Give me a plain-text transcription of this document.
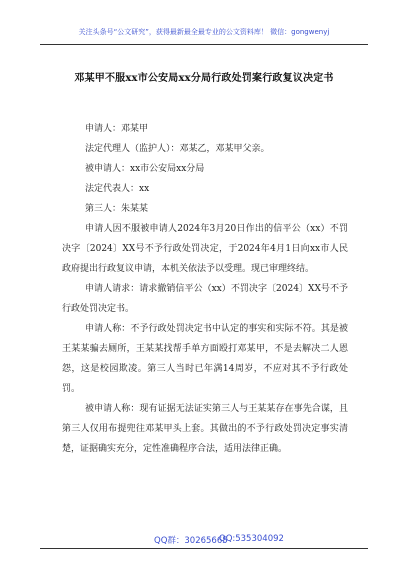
关注头条号“公文研究”，获得最新最全最专业的公文资料库！ 微信：gongwenyj
邓某甲不服xx市公安局xx分局行政处罚案行政复议决定书

申请人：邓某甲

法定代理人（监护人）：邓某乙，邓某甲父亲。

被申请人：xx市公安局xx分局

法定代表人：xx

第三人：朱某某

申请人因不服被申请人2024年3月20日作出的信平公（xx）不罚决字〔2024〕XX号不予行政处罚决定，于2024年4月1日向xx市人民政府提出行政复议申请，本机关依法予以受理。现已审理终结。

申请人请求：请求撤销信平公（xx）不罚决字〔2024〕XX号不予行政处罚决定书。

申请人称：不予行政处罚决定书中认定的事实和实际不符。其是被王某某骗去厕所，王某某找帮手单方面殴打邓某甲，不是去解决二人恩怨，这是校园欺凌。第三人当时已年满14周岁，不应对其不予行政处罚。

被申请人称：现有证据无法证实第三人与王某某存在事先合谋，且第三人仅用布提兜往邓某甲头上套。其做出的不予行政处罚决定事实清楚，证据确实充分，定性准确程序合法，适用法律正确。

QQ群：30265665
QQ:535304092
